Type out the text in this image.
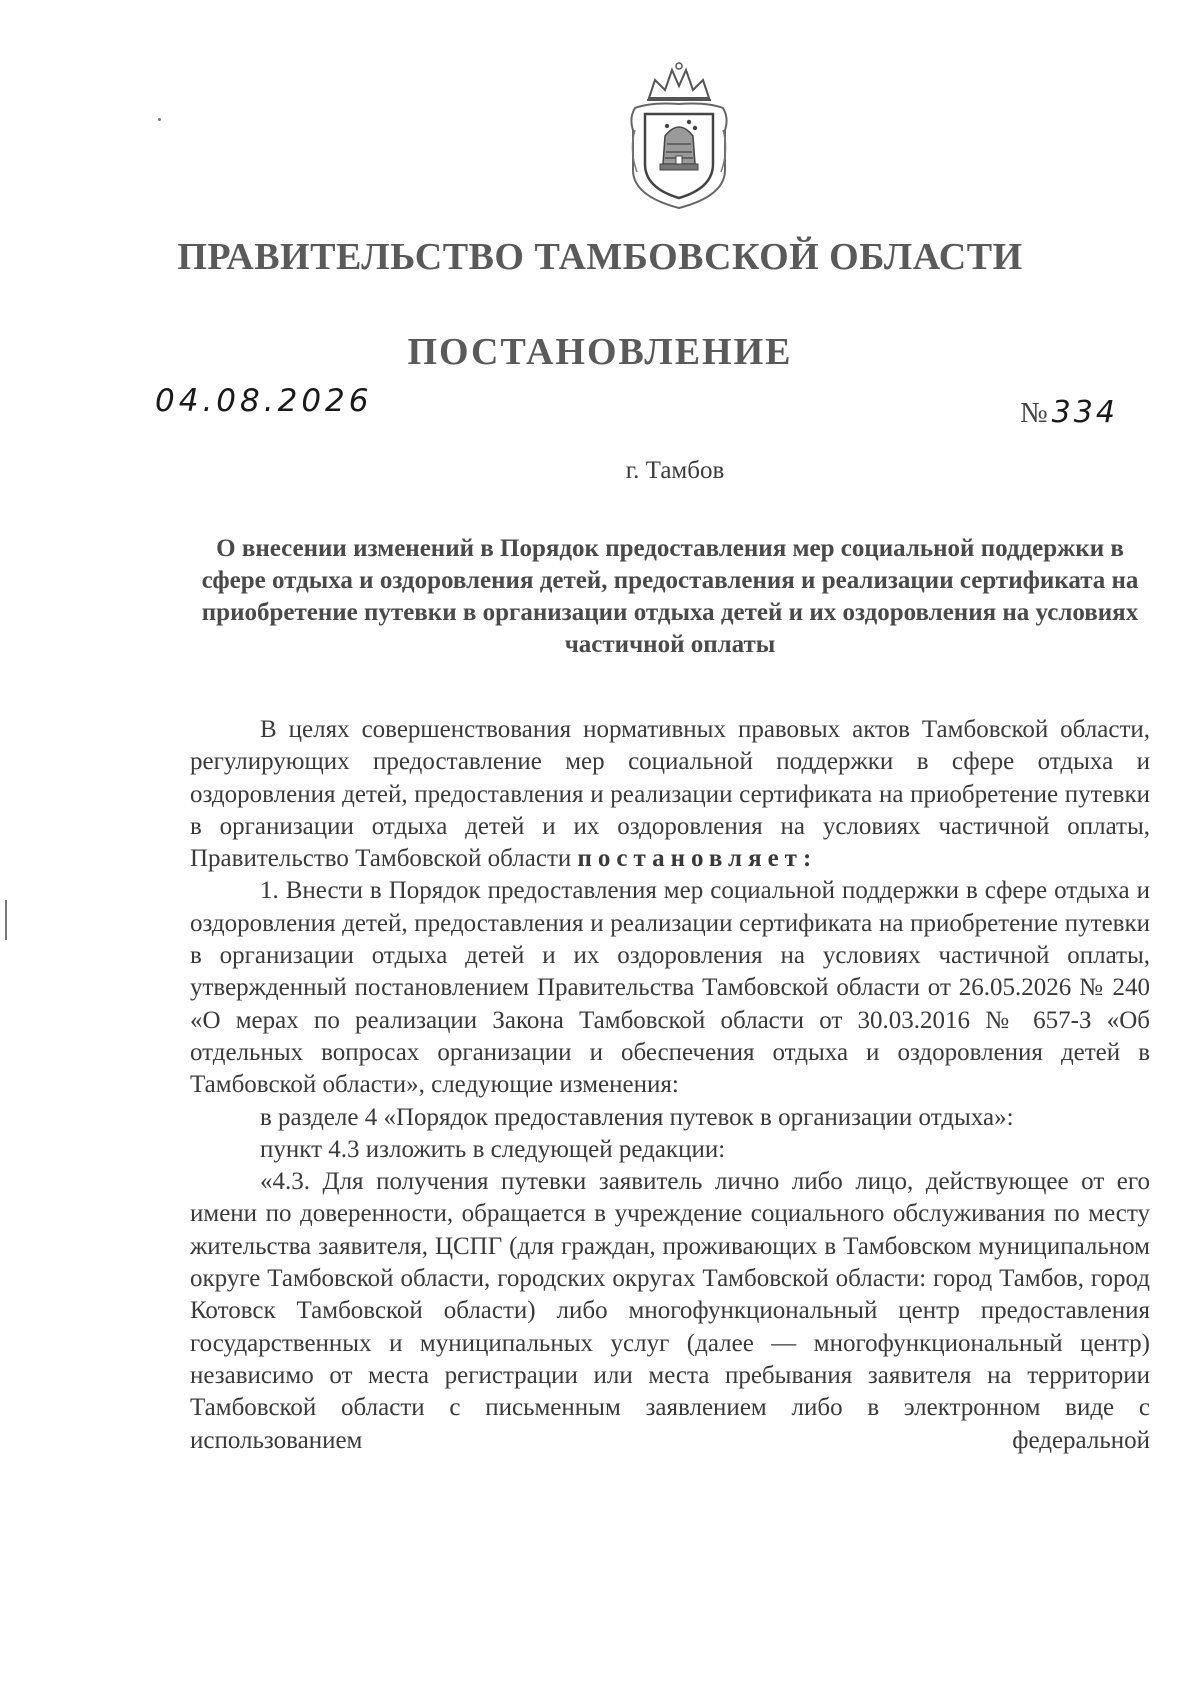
ПРАВИТЕЛЬСТВО ТАМБОВСКОЙ ОБЛАСТИ
ПОСТАНОВЛЕНИЕ
04.08.2026	№ 334
г. Тамбов
О внесении изменений в Порядок предоставления мер социальной поддержки в сфере отдыха и оздоровления детей, предоставления и реализации сертификата на приобретение путевки в организации отдыха детей и их оздоровления на условиях частичной оплаты

В целях совершенствования нормативных правовых актов Тамбовской области, регулирующих предоставление мер социальной поддержки в сфере отдыха и оздоровления детей, предоставления и реализации сертификата на приобретение путевки в организации отдыха детей и их оздоровления на условиях частичной оплаты, Правительство Тамбовской области постановляет:

1. Внести в Порядок предоставления мер социальной поддержки в сфере отдыха и оздоровления детей, предоставления и реализации сертификата на приобретение путевки в организации отдыха детей и их оздоровления на условиях частичной оплаты, утвержденный постановлением Правительства Тамбовской области от 26.05.2026 № 240 «О мерах по реализации Закона Тамбовской области от 30.03.2016 № 657-З «Об отдельных вопросах организации и обеспечения отдыха и оздоровления детей в Тамбовской области», следующие изменения:

в разделе 4 «Порядок предоставления путевок в организации отдыха»:

пункт 4.3 изложить в следующей редакции:

«4.3. Для получения путевки заявитель лично либо лицо, действующее от его имени по доверенности, обращается в учреждение социального обслуживания по месту жительства заявителя, ЦСПГ (для граждан, проживающих в Тамбовском муниципальном округе Тамбовской области, городских округах Тамбовской области: город Тамбов, город Котовск Тамбовской области) либо многофункциональный центр предоставления государственных и муниципальных услуг (далее — многофункциональный центр) независимо от места регистрации или места пребывания заявителя на территории Тамбовской области с письменным заявлением либо в электронном виде с использованием федеральной
